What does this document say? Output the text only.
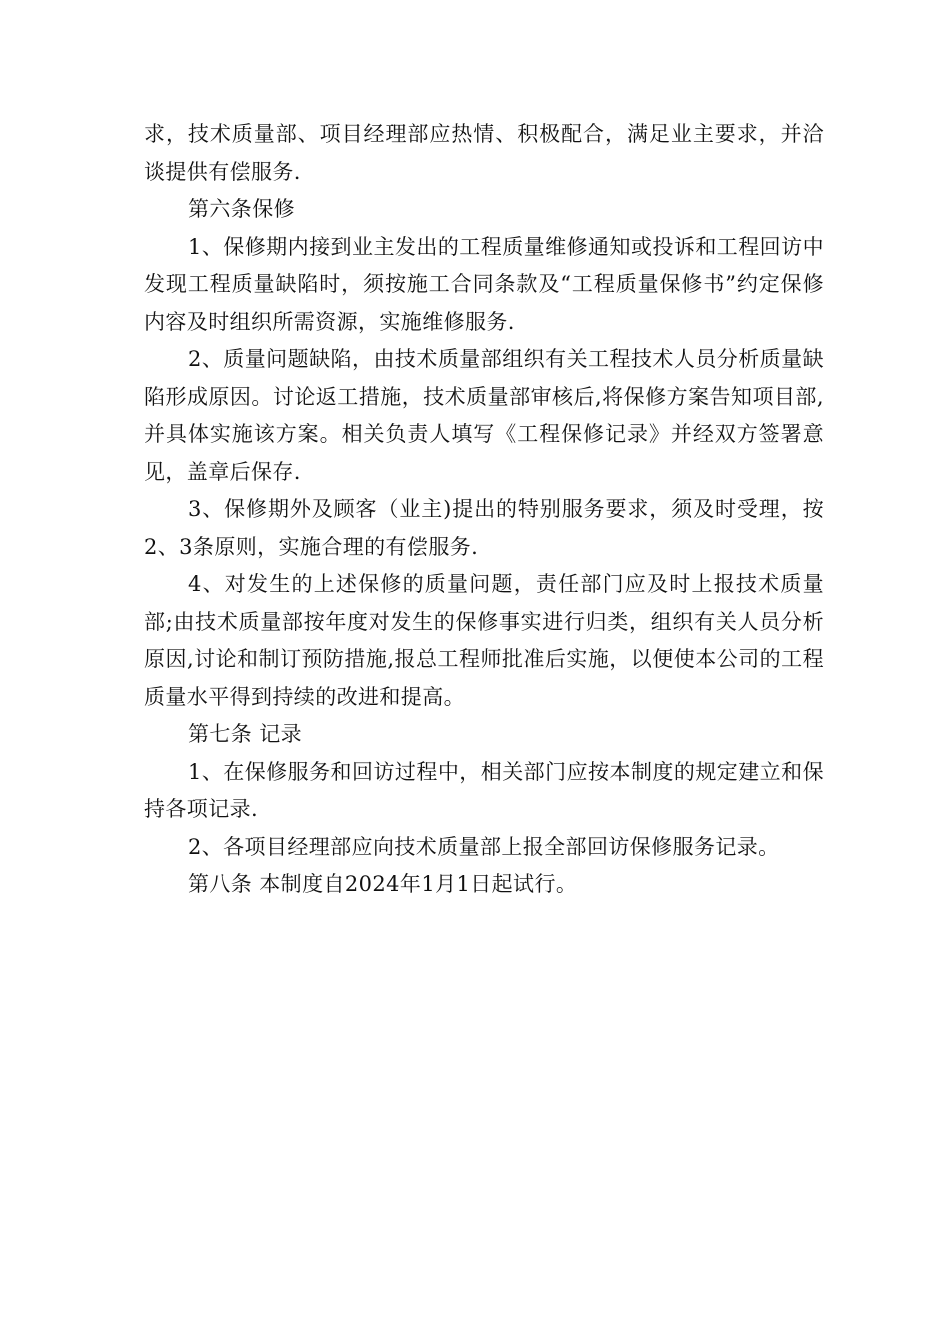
求，技术质量部、项目经理部应热情、积极配合，满足业主要求，并洽谈提供有偿服务.

第六条保修

1、保修期内接到业主发出的工程质量维修通知或投诉和工程回访中发现工程质量缺陷时，须按施工合同条款及“工程质量保修书”约定保修内容及时组织所需资源，实施维修服务.

2、质量问题缺陷，由技术质量部组织有关工程技术人员分析质量缺陷形成原因。讨论返工措施，技术质量部审核后,将保修方案告知项目部,并具体实施该方案。相关负责人填写《工程保修记录》并经双方签署意见，盖章后保存.

3、保修期外及顾客（业主)提出的特别服务要求，须及时受理，按2、3条原则，实施合理的有偿服务.

4、对发生的上述保修的质量问题，责任部门应及时上报技术质量部;由技术质量部按年度对发生的保修事实进行归类，组织有关人员分析原因,讨论和制订预防措施,报总工程师批准后实施，以便使本公司的工程质量水平得到持续的改进和提高。

第七条 记录

1、在保修服务和回访过程中，相关部门应按本制度的规定建立和保持各项记录.

2、各项目经理部应向技术质量部上报全部回访保修服务记录。

第八条 本制度自2024年1月1日起试行。
